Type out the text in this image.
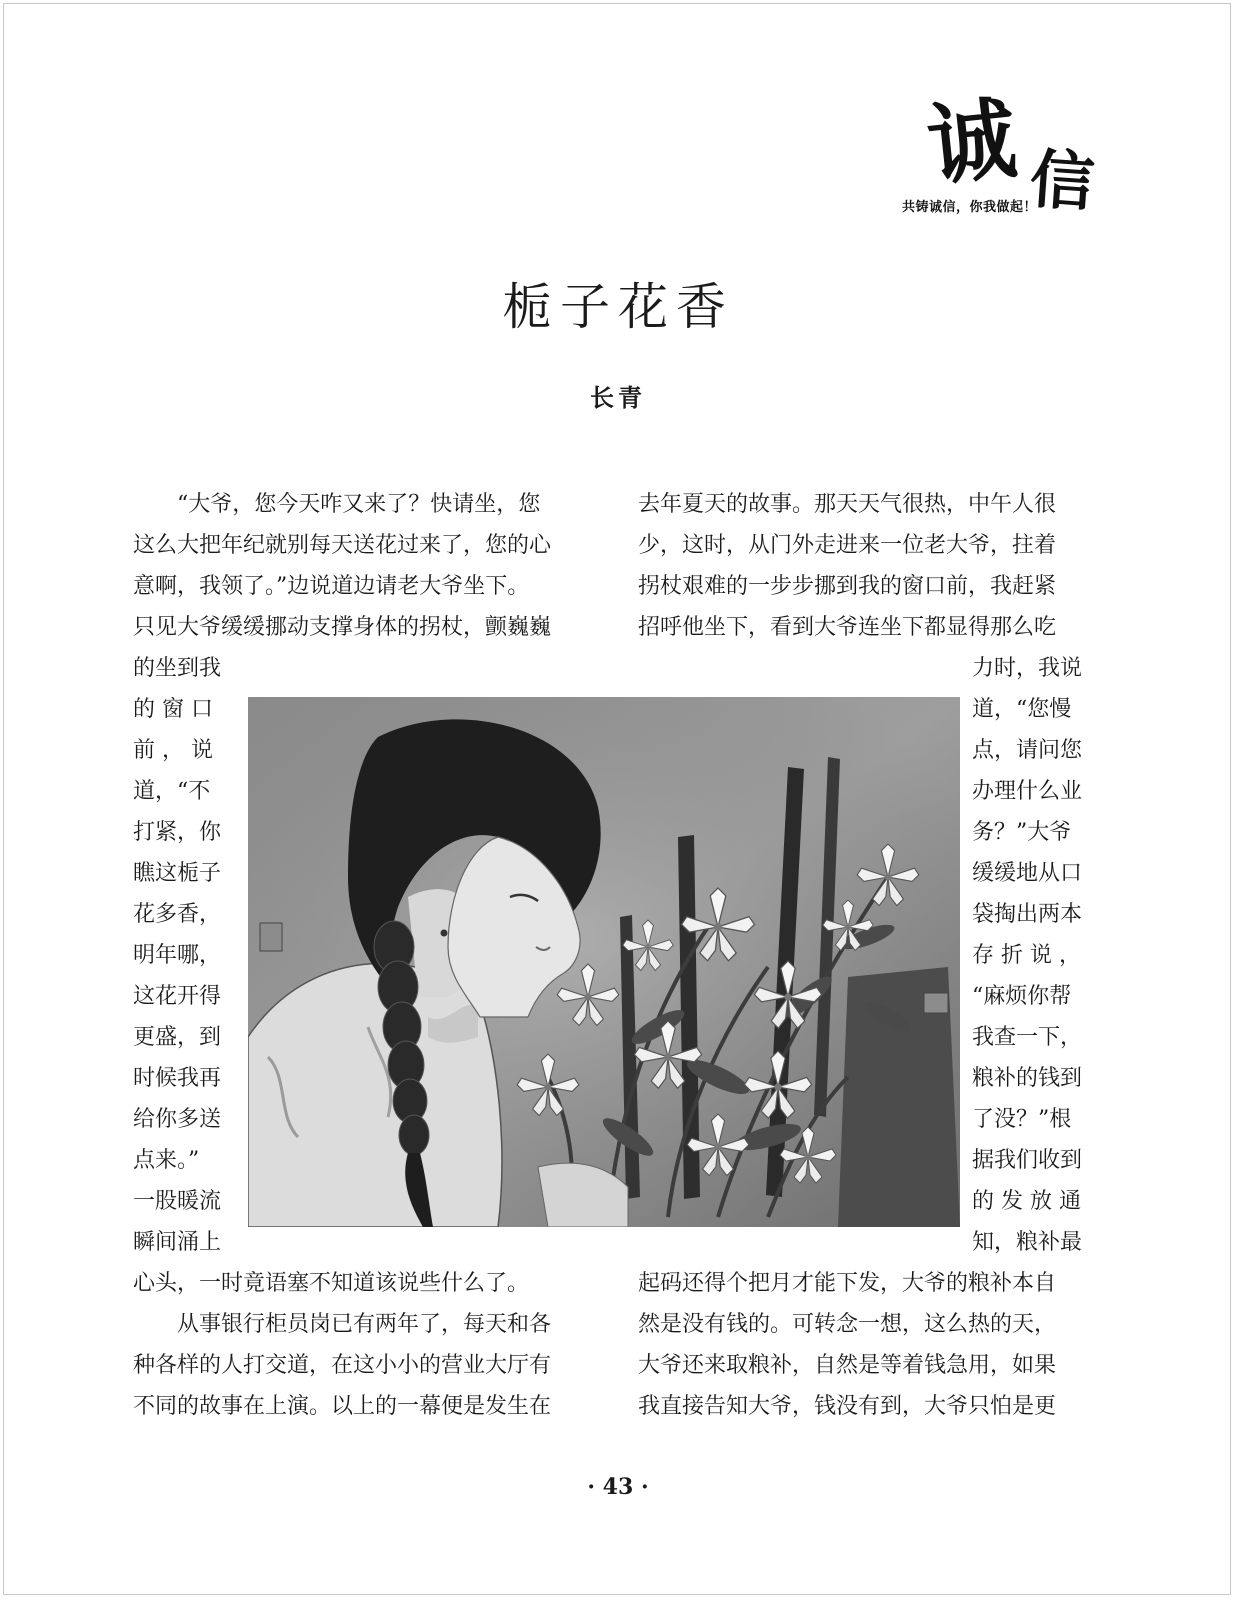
诚 信
共铸诚信，你我做起！
栀子花香
长青
　　“大爷，您今天咋又来了？快请坐，您
这么大把年纪就别每天送花过来了，您的心
意啊，我领了。”边说道边请老大爷坐下。
只见大爷缓缓挪动支撑身体的拐杖，颤巍巍
的坐到我
的 窗 口
前 ， 说
道，“不
打紧，你
瞧这栀子
花多香，
明年哪，
这花开得
更盛，到
时候我再
给你多送
点来。”
一股暖流
瞬间涌上
心头，一时竟语塞不知道该说些什么了。
　　从事银行柜员岗已有两年了，每天和各
种各样的人打交道，在这小小的营业大厅有
不同的故事在上演。以上的一幕便是发生在
去年夏天的故事。那天天气很热，中午人很
少，这时，从门外走进来一位老大爷，拄着
拐杖艰难的一步步挪到我的窗口前，我赶紧
招呼他坐下，看到大爷连坐下都显得那么吃
力时，我说
道，“您慢
点，请问您
办理什么业
务？”大爷
缓缓地从口
袋掏出两本
存 折 说 ，
“麻烦你帮
我查一下，
粮补的钱到
了没？”根
据我们收到
的 发 放 通
知，粮补最
起码还得个把月才能下发，大爷的粮补本自
然是没有钱的。可转念一想，这么热的天，
大爷还来取粮补，自然是等着钱急用，如果
我直接告知大爷，钱没有到，大爷只怕是更
· 43 ·
